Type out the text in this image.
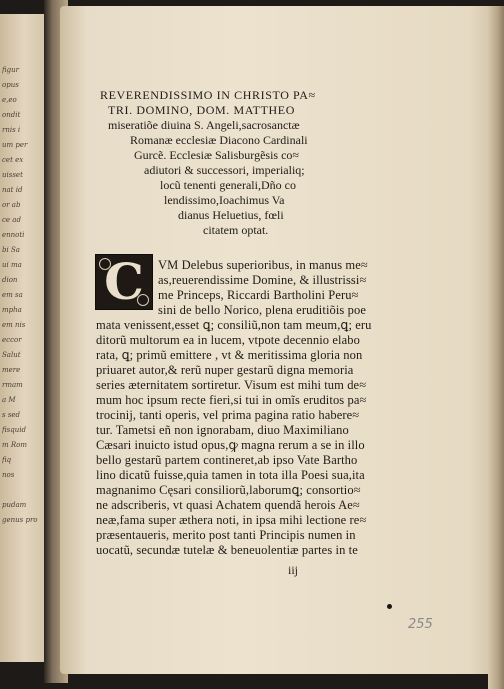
figur
opus
e,eo
ondit
rnis i
um per
cet ex
uisset
nat id
or ab
ce ad
ennoti
bi Sa
ui ma
dion
em sa
mpha
em nis
eccor
Salut
mere
rmam
a M
s sed
fisquid
m Rom
fiq
nos
pudam
genus pro
REVERENDISSIMO IN CHRISTO PA≈
TRI. DOMINO, DOM. MATTHEO
miseratiõe diuina S. Angeli,sacrosanctæ
Romanæ ecclesiæ Diacono Cardinali
Gurcẽ. Ecclesiæ Salisburgẽsis co≈
adiutori & successori, imperialiq;
locũ tenenti generali,Dño co
lendissimo,Ioachimus Va
dianus Heluetius, fœli
citatem optat.
C VM Delebus superioribus, in manus me≈
as,reuerendissime Domine, & illustrissi≈
me Princeps, Riccardi Bartholini Peru≈
sini de bello Norico, plena eruditiõis poe
mata venissent,esset ꝗ; consiliũ,non tam meum,ꝗ; eru
ditorũ multorum ea in lucem, vtpote decennio elabo
rata, ꝗ; primũ emittere , vt & meritissima gloria non
priuaret autor,& rerũ nuper gestarũ digna memoria
series æternitatem sortiretur. Visum est mihi tum de≈
mum hoc ipsum recte fieri,si tui in omĩs eruditos pa≈
trocinij, tanti operis, vel prima pagina ratio habere≈
tur. Tametsi eñ non ignorabam, diuo Maximiliano
Cæsari inuicto istud opus,ꝙ magna rerum a se in illo
bello gestarũ partem contineret,ab ipso Vate Bartho
lino dicatũ fuisse,quia tamen in tota illa Poesi sua,ita
magnanimo Cęsari consiliorũ,laborumꝗ; consortio≈
ne adscriberis, vt quasi Achatem quendã herois Ae≈
neæ,fama super æthera noti, in ipsa mihi lectione re≈
præsentaueris, merito post tanti Principis numen in
uocatũ, secundæ tutelæ & beneuolentiæ partes in te
iij
255
